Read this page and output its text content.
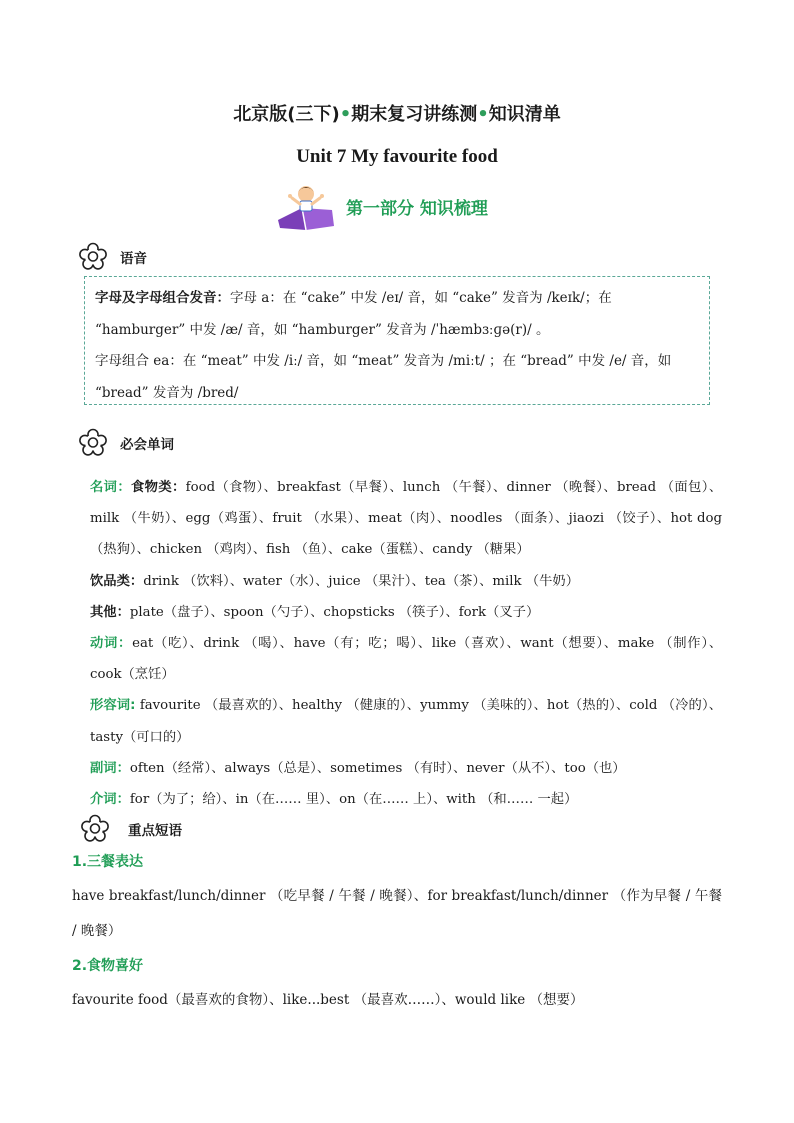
北京版(三下)•期末复习讲练测•知识清单
Unit 7 My favourite food
第一部分 知识梳理
语音
字母及字母组合发音：字母 a：在 “cake” 中发 /eɪ/ 音，如 “cake” 发音为 /keɪk/；在 “hamburger” 中发 /æ/ 音，如 “hamburger” 发音为 /ˈhæmbɜːɡə(r)/ 。
字母组合 ea：在 “meat” 中发 /iː/ 音，如 “meat” 发音为 /miːt/ ；在 “bread” 中发 /e/ 音，如 “bread” 发音为 /bred/
必会单词

名词：食物类：food（食物）、breakfast（早餐）、lunch （午餐）、dinner （晚餐）、bread （面包）、milk （牛奶）、egg（鸡蛋）、fruit （水果）、meat（肉）、noodles （面条）、jiaozi （饺子）、hot dog（热狗）、chicken （鸡肉）、fish （鱼）、cake（蛋糕）、candy （糖果）

饮品类：drink （饮料）、water（水）、juice （果汁）、tea（茶）、milk （牛奶）

其他：plate（盘子）、spoon（勺子）、chopsticks （筷子）、fork（叉子）

动词：eat（吃）、drink （喝）、have（有；吃；喝）、like（喜欢）、want（想要）、make （制作）、cook（烹饪）

形容词: favourite （最喜欢的）、healthy （健康的）、yummy （美味的）、hot（热的）、cold （冷的）、tasty（可口的）

副词：often（经常）、always（总是）、sometimes （有时）、never（从不）、too（也）

介词：for（为了；给）、in（在…… 里）、on（在…… 上）、with （和…… 一起）

重点短语
1.三餐表达
have breakfast/lunch/dinner （吃早餐 / 午餐 / 晚餐）、for breakfast/lunch/dinner （作为早餐 / 午餐 / 晚餐）
2.食物喜好
favourite food（最喜欢的食物）、like...best （最喜欢……）、would like （想要）
